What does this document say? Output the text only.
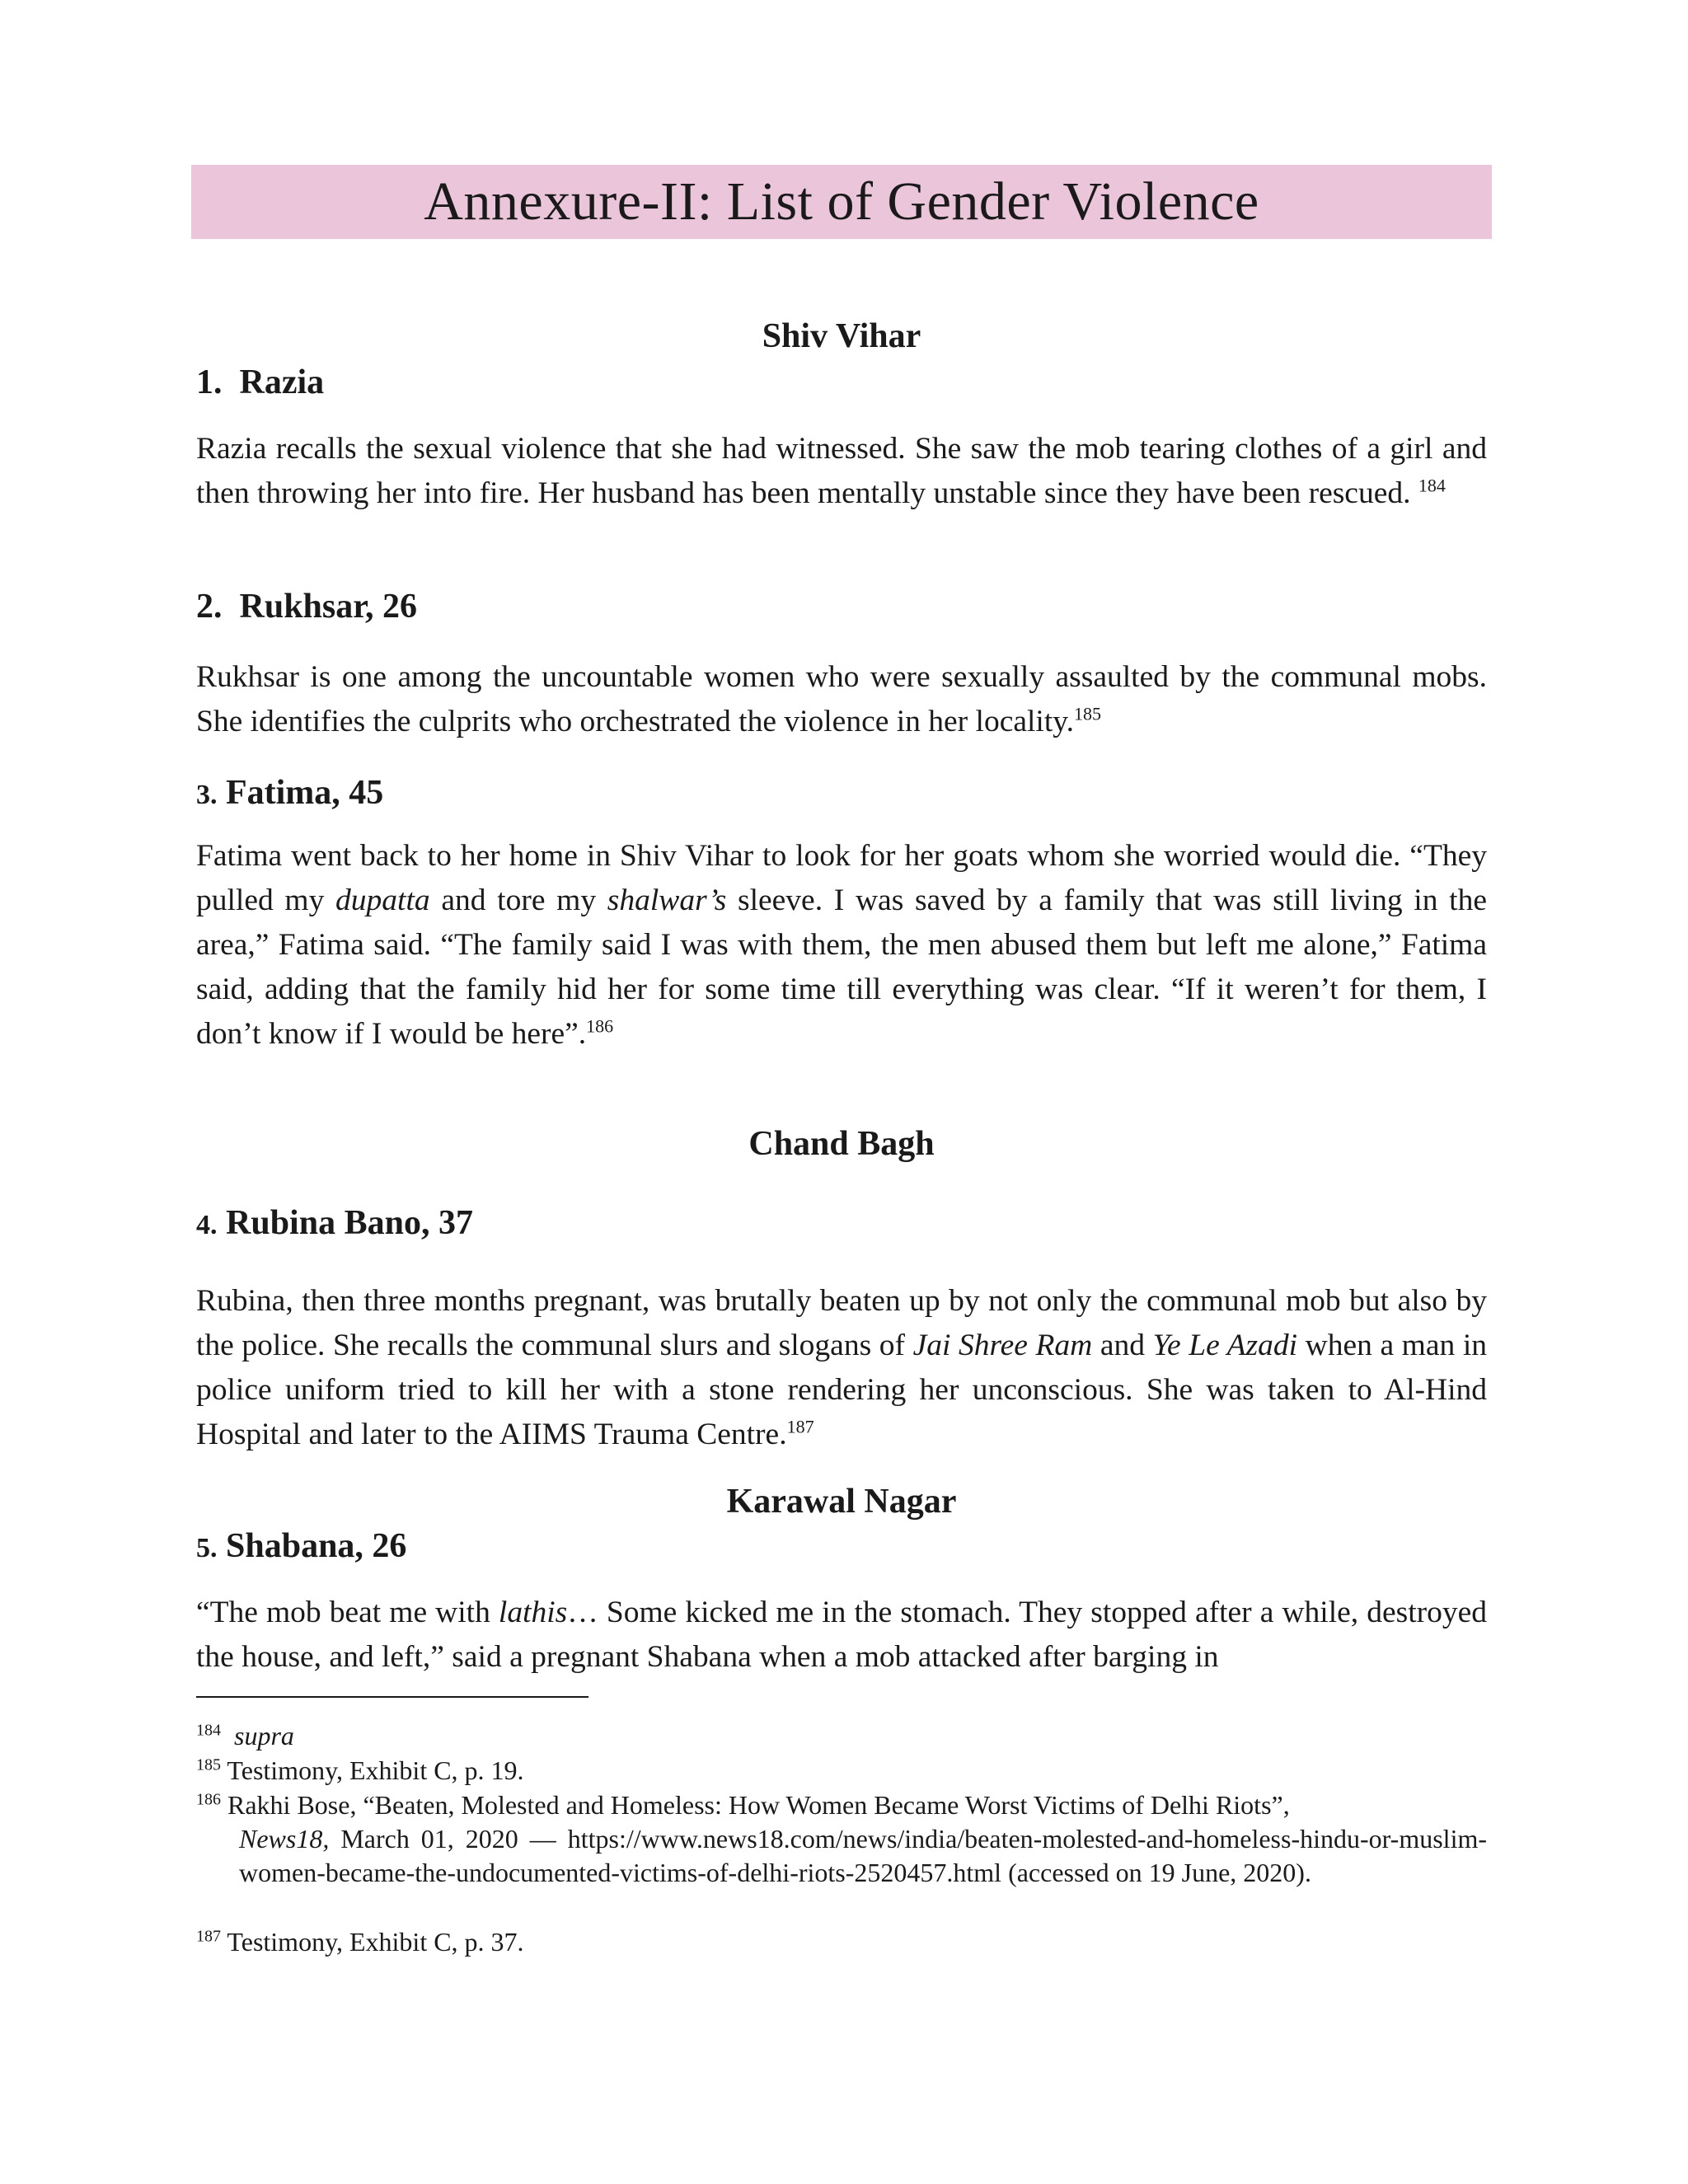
Annexure-II: List of Gender Violence
Shiv Vihar
1. Razia
Razia recalls the sexual violence that she had witnessed. She saw the mob tearing clothes of a girl and then throwing her into fire. Her husband has been mentally unstable since they have been rescued. $^{184}$
2. Rukhsar, 26
Rukhsar is one among the uncountable women who were sexually assaulted by the communal mobs. She identifies the culprits who orchestrated the violence in her locality.$^{185}$
3. Fatima, 45
Fatima went back to her home in Shiv Vihar to look for her goats whom she worried would die. “They pulled my dupatta and tore my shalwar’s sleeve. I was saved by a family that was still living in the area,” Fatima said. “The family said I was with them, the men abused them but left me alone,” Fatima said, adding that the family hid her for some time till everything was clear. “If it weren’t for them, I don’t know if I would be here”.$^{186}$
Chand Bagh
4. Rubina Bano, 37
Rubina, then three months pregnant, was brutally beaten up by not only the communal mob but also by the police. She recalls the communal slurs and slogans of Jai Shree Ram and Ye Le Azadi when a man in police uniform tried to kill her with a stone rendering her unconscious. She was taken to Al-Hind Hospital and later to the AIIMS Trauma Centre.$^{187}$
Karawal Nagar
5. Shabana, 26
“The mob beat me with lathis… Some kicked me in the stomach. They stopped after a while, destroyed the house, and left,” said a pregnant Shabana when a mob attacked after barging in
$^{184}$ supra
$^{185}$ Testimony, Exhibit C, p. 19.
$^{186}$ Rakhi Bose, “Beaten, Molested and Homeless: How Women Became Worst Victims of Delhi Riots”,
News18, March 01, 2020 — https://www.news18.com/news/india/beaten-molested-and-homeless-hindu-or-muslim-women-became-the-undocumented-victims-of-delhi-riots-2520457.html (accessed on 19 June, 2020).
$^{187}$ Testimony, Exhibit C, p. 37.
